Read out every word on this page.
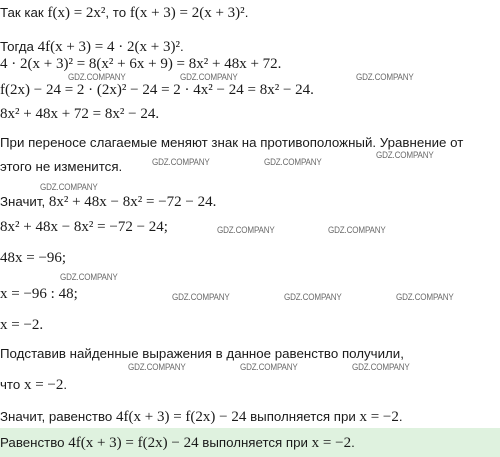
Так как f(x) = 2x², то f(x + 3) = 2(x + 3)².
Тогда 4f(x + 3) = 4 · 2(x + 3)².
4 · 2(x + 3)² = 8(x² + 6x + 9) = 8x² + 48x + 72.
f(2x) − 24 = 2 · (2x)² − 24 = 2 · 4x² − 24 = 8x² − 24.
8x² + 48x + 72 = 8x² − 24.
При переносе слагаемые меняют знак на противоположный. Уравнение от
этого не изменится.
Значит, 8x² + 48x − 8x² = −72 − 24.
8x² + 48x − 8x² = −72 − 24;
48x = −96;
x = −96 : 48;
x = −2.
Подставив найденные выражения в данное равенство получили,
что x = −2.
Значит, равенство 4f(x + 3) = f(2x) − 24 выполняется при x = −2.
Равенство 4f(x + 3) = f(2x) − 24 выполняется при x = −2.
GDZ.COMPANY	GDZ.COMPANY	GDZ.COMPANY
GDZ.COMPANY
GDZ.COMPANY	GDZ.COMPANY
GDZ.COMPANY
GDZ.COMPANY	GDZ.COMPANY
GDZ.COMPANY
GDZ.COMPANY	GDZ.COMPANY	GDZ.COMPANY
GDZ.COMPANY	GDZ.COMPANY	GDZ.COMPANY
